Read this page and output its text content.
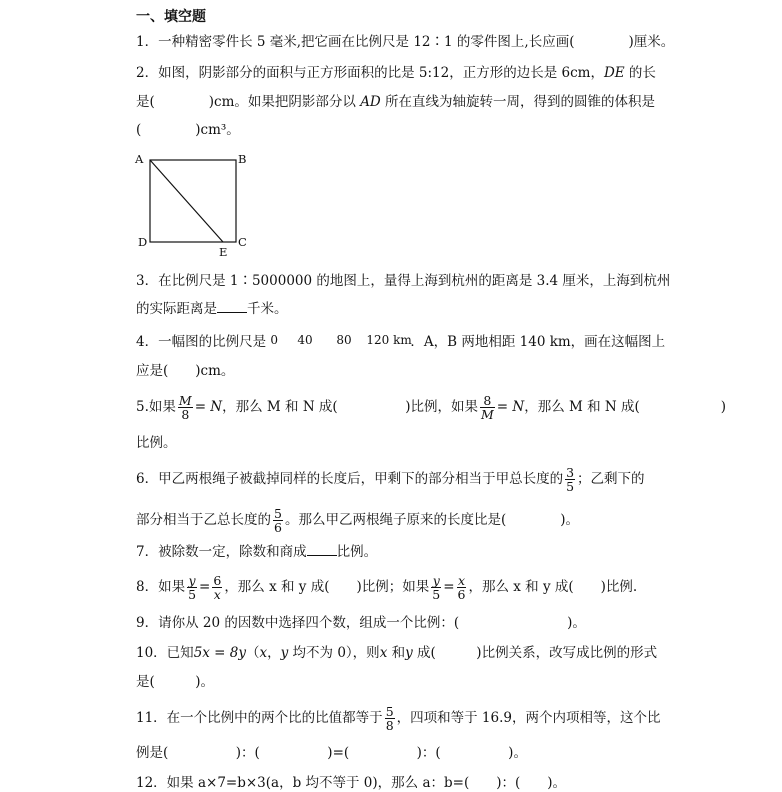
一、填空题
1．一种精密零件长 5 毫米,把它画在比例尺是 12∶1 的零件图上,长应画(　　　　)厘米。
2．如图，阴影部分的面积与正方形面积的比是 5:12，正方形的边长是 6cm，DE 的长
是(　　　　)cm。如果把阴影部分以 AD 所在直线为轴旋转一周，得到的圆锥的体积是
(　　　　)cm³。
A	B
D	C
E
3．在比例尺是 1∶5000000 的地图上，量得上海到杭州的距离是 3.4 厘米，上海到杭州
的实际距离是 千米。
4．一幅图的比例尺是 0 40 80 120 km
．A，B 两地相距 140 km，画在这幅图上
应是(　　)cm。
5.如果 $\frac{M}{8} = N$，那么 M 和 N 成(　　　　　)比例，如果 $\frac{8}{M} = N$，那么 M 和 N 成(　　　　　　)
比例。
6．甲乙两根绳子被截掉同样的长度后，甲剩下的部分相当于甲总长度的 $\frac{3}{5}$ ；乙剩下的
部分相当于乙总长度的 $\frac{5}{6}$ 。那么甲乙两根绳子原来的长度比是(　　　　)。
7．被除数一定，除数和商成 比例。
8．如果 $\frac{y}{5} = \frac{6}{x}$ ，那么 x 和 y 成(　　)比例；如果 $\frac{y}{5} = \frac{x}{6}$ ，那么 x 和 y 成(　　)比例.
9．请你从 20 的因数中选择四个数，组成一个比例：(　　　　　　　　)。
10．已知5x = 8y（x，y 均不为 0），则x 和y 成(　　　)比例关系，改写成比例的形式
是(　　　)。
11．在一个比例中的两个比的比值都等于 $\frac{5}{8}$ ，四项和等于 16.9，两个内项相等，这个比
例是(　　　　　)：(　　　　　)=(　　　　　)：(　　　　　)。
12．如果 a×7=b×3(a，b 均不等于 0)，那么 a：b=(　　)：(　　)。
